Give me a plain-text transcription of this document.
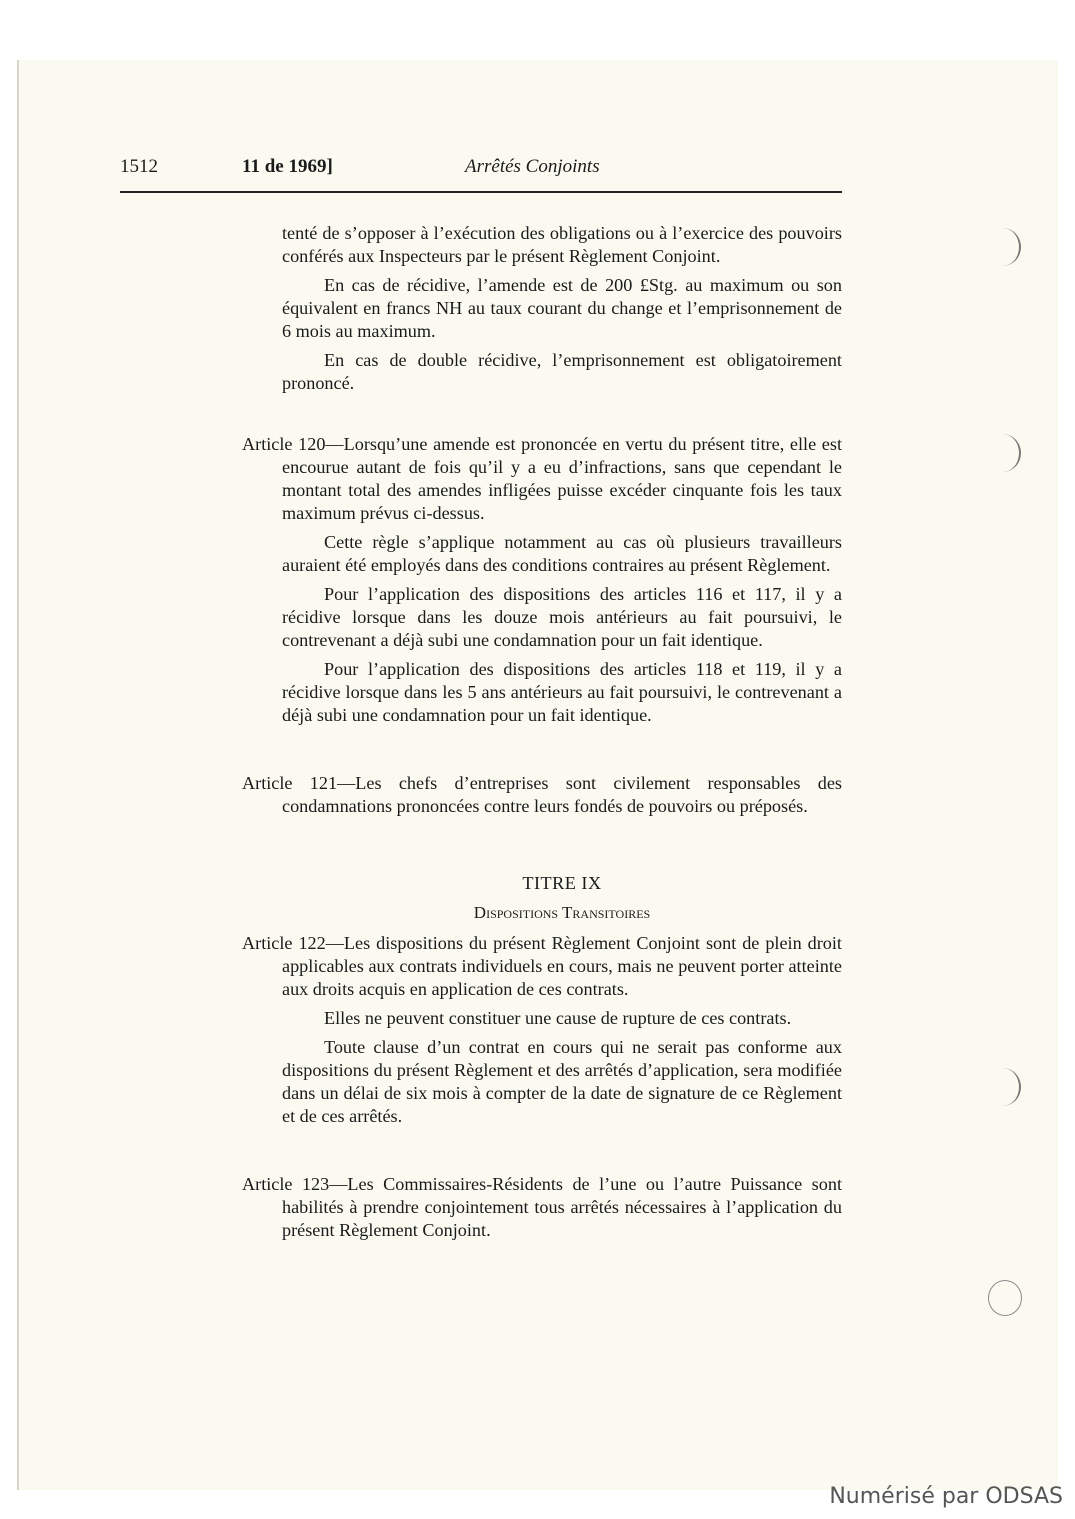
1512	11 de 1969]	Arrêtés Conjoints

tenté de s’opposer à l’exécution des obligations ou à l’exercice des pouvoirs conférés aux Inspecteurs par le présent Règlement Conjoint.

En cas de récidive, l’amende est de 200 £Stg. au maximum ou son équivalent en francs NH au taux courant du change et l’emprisonnement de 6 mois au maximum.

En cas de double récidive, l’emprisonnement est obligatoirement prononcé.

Article 120—Lorsqu’une amende est prononcée en vertu du présent titre, elle est encourue autant de fois qu’il y a eu d’infractions, sans que cependant le montant total des amendes infligées puisse excéder cinquante fois les taux maximum prévus ci-dessus.

Cette règle s’applique notamment au cas où plusieurs travailleurs auraient été employés dans des conditions contraires au présent Règlement.

Pour l’application des dispositions des articles 116 et 117, il y a récidive lorsque dans les douze mois antérieurs au fait poursuivi, le contrevenant a déjà subi une condamnation pour un fait identique.

Pour l’application des dispositions des articles 118 et 119, il y a récidive lorsque dans les 5 ans antérieurs au fait poursuivi, le contrevenant a déjà subi une condamnation pour un fait identique.

Article 121—Les chefs d’entreprises sont civilement responsables des condamnations prononcées contre leurs fondés de pouvoirs ou préposés.

TITRE IX

Dispositions Transitoires

Article 122—Les dispositions du présent Règlement Conjoint sont de plein droit applicables aux contrats individuels en cours, mais ne peuvent porter atteinte aux droits acquis en application de ces contrats.

Elles ne peuvent constituer une cause de rupture de ces contrats.

Toute clause d’un contrat en cours qui ne serait pas conforme aux dispositions du présent Règlement et des arrêtés d’application, sera modifiée dans un délai de six mois à compter de la date de signature de ce Règlement et de ces arrêtés.

Article 123—Les Commissaires-Résidents de l’une ou l’autre Puissance sont habilités à prendre conjointement tous arrêtés nécessaires à l’application du présent Règlement Conjoint.

Numérisé par ODSAS
